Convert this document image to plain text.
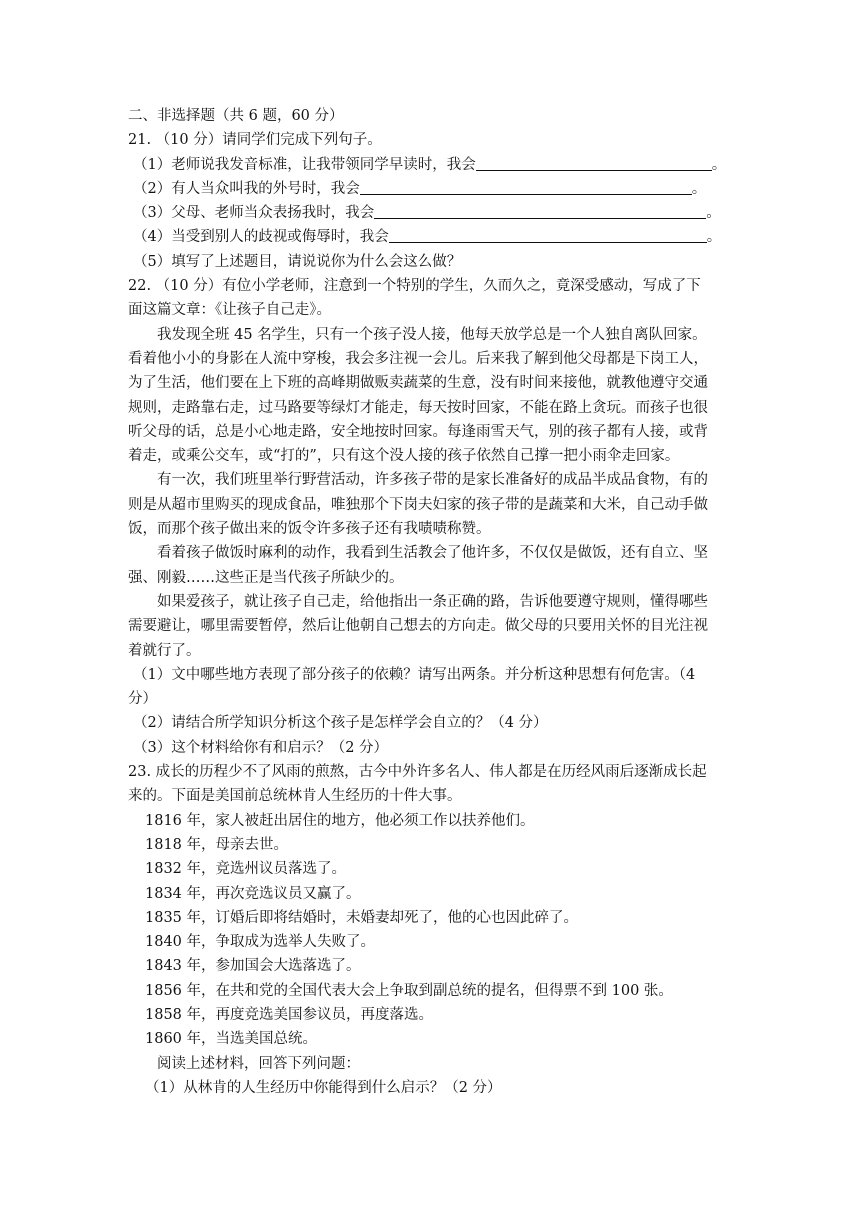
二、非选择题（共 6 题，60 分）
21. （10 分）请同学们完成下列句子。
（1）老师说我发音标准，让我带领同学早读时，我会	。
（2）有人当众叫我的外号时，我会	。
（3）父母、老师当众表扬我时，我会	。
（4）当受到别人的歧视或侮辱时，我会	。
（5）填写了上述题目，请说说你为什么会这么做？
22. （10 分）有位小学老师，注意到一个特别的学生，久而久之，竟深受感动，写成了下
面这篇文章：《让孩子自己走》。
我发现全班 45 名学生，只有一个孩子没人接，他每天放学总是一个人独自离队回家。
看着他小小的身影在人流中穿梭，我会多注视一会儿。后来我了解到他父母都是下岗工人，
为了生活，他们要在上下班的高峰期做贩卖蔬菜的生意，没有时间来接他，就教他遵守交通
规则，走路靠右走，过马路要等绿灯才能走，每天按时回家，不能在路上贪玩。而孩子也很
听父母的话，总是小心地走路，安全地按时回家。每逢雨雪天气，别的孩子都有人接，或背
着走，或乘公交车，或“打的”，只有这个没人接的孩子依然自己撑一把小雨伞走回家。
有一次，我们班里举行野营活动，许多孩子带的是家长准备好的成品半成品食物，有的
则是从超市里购买的现成食品，唯独那个下岗夫妇家的孩子带的是蔬菜和大米，自己动手做
饭，而那个孩子做出来的饭令许多孩子还有我啧啧称赞。
看着孩子做饭时麻利的动作，我看到生活教会了他许多，不仅仅是做饭，还有自立、坚
强、刚毅……这些正是当代孩子所缺少的。
如果爱孩子，就让孩子自己走，给他指出一条正确的路，告诉他要遵守规则，懂得哪些
需要避让，哪里需要暂停，然后让他朝自己想去的方向走。做父母的只要用关怀的目光注视
着就行了。
（1）文中哪些地方表现了部分孩子的依赖？请写出两条。并分析这种思想有何危害。（4
分）
（2）请结合所学知识分析这个孩子是怎样学会自立的？（4 分）
（3）这个材料给你有和启示？（2 分）
23. 成长的历程少不了风雨的煎熬，古今中外许多名人、伟人都是在历经风雨后逐渐成长起
来的。下面是美国前总统林肯人生经历的十件大事。
1816 年，家人被赶出居住的地方，他必须工作以扶养他们。
1818 年，母亲去世。
1832 年，竞选州议员落选了。
1834 年，再次竞选议员又赢了。
1835 年，订婚后即将结婚时，未婚妻却死了，他的心也因此碎了。
1840 年，争取成为选举人失败了。
1843 年，参加国会大选落选了。
1856 年，在共和党的全国代表大会上争取到副总统的提名，但得票不到 100 张。
1858 年，再度竞选美国参议员，再度落选。
1860 年，当选美国总统。
阅读上述材料，回答下列问题：
（1）从林肯的人生经历中你能得到什么启示？（2 分）
